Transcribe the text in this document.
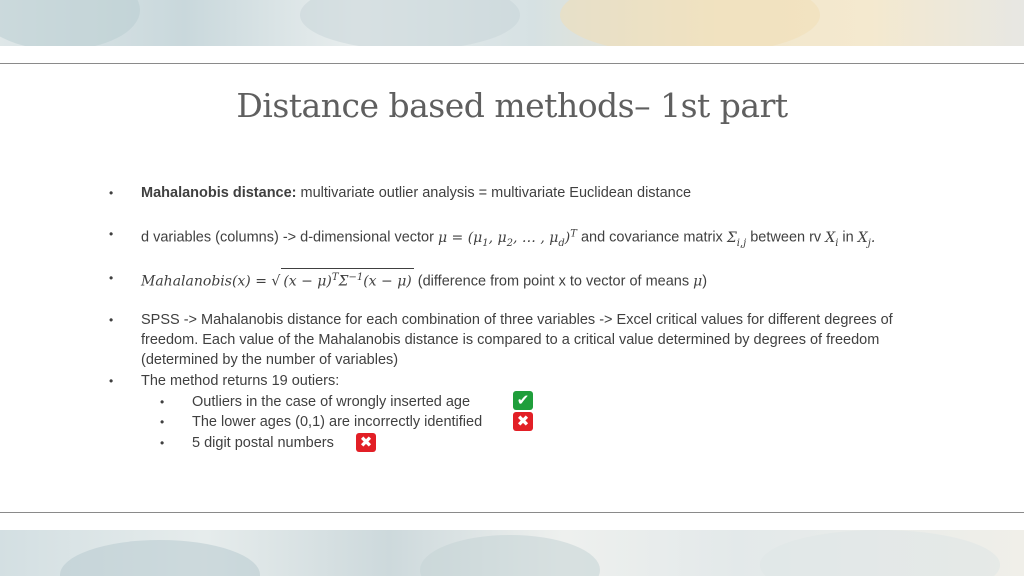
Distance based methods– 1st part
• Mahalanobis distance: multivariate outlier analysis = multivariate Euclidean distance
• d variables (columns) -> d-dimensional vector $\mu = (\mu_1$, $\mu_2$, … , $\mu_d)^T$ and covariance matrix $\Sigma_{i,j}$ between rv $X_i$ in $X_j$.
• Mahalanobis(x) = √ $(x - \mu)^T\Sigma^{-1}(x - \mu)$ (difference from point x to vector of means μ)
• SPSS -> Mahalanobis distance for each combination of three variables -> Excel critical values for different degrees of freedom. Each value of the Mahalanobis distance is compared to a critical value determined by degrees of freedom (determined by the number of variables)
• The method returns 19 outiers:
• Outliers in the case of wrongly inserted age	✔
• The lower ages (0,1) are incorrectly identified ✖
• 5 digit postal numbers ✖
